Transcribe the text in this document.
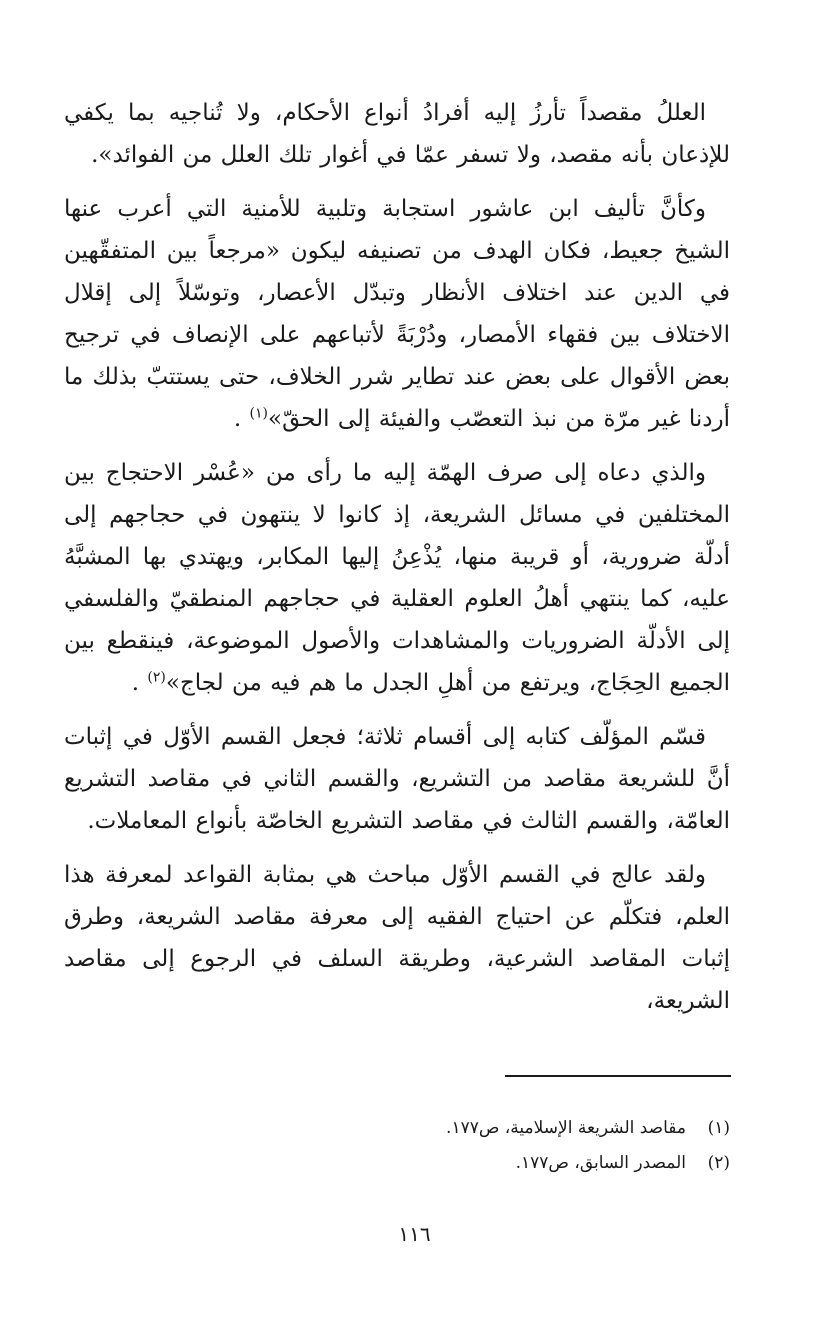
العللُ مقصداً تأرزُ إليه أفرادُ أنواع الأحكام، ولا تُناجيه بما يكفي للإذعان بأنه مقصد، ولا تسفر عمّا في أغوار تلك العلل من الفوائد».

وكأنَّ تأليف ابن عاشور استجابة وتلبية للأمنية التي أعرب عنها الشيخ جعيط، فكان الهدف من تصنيفه ليكون «مرجعاً بين المتفقّهين في الدين عند اختلاف الأنظار وتبدّل الأعصار، وتوسّلاً إلى إقلال الاختلاف بين فقهاء الأمصار، ودُرْبَةً لأتباعهم على الإنصاف في ترجيح بعض الأقوال على بعض عند تطاير شرر الخلاف، حتى يستتبّ بذلك ما أردنا غير مرّة من نبذ التعصّب والفيئة إلى الحقّ»$^{(١)}$ .

والذي دعاه إلى صرف الهمّة إليه ما رأى من «عُسْر الاحتجاج بين المختلفين في مسائل الشريعة، إذ كانوا لا ينتهون في حجاجهم إلى أدلّة ضرورية، أو قريبة منها، يُذْعِنُ إليها المكابر، ويهتدي بها المشبَّهُ عليه، كما ينتهي أهلُ العلوم العقلية في حجاجهم المنطقيّ والفلسفي إلى الأدلّة الضروريات والمشاهدات والأصول الموضوعة، فينقطع بين الجميع الحِجَاج، ويرتفع من أهلِ الجدل ما هم فيه من لجاج»$^{(٢)}$ .

قسّم المؤلّف كتابه إلى أقسام ثلاثة؛ فجعل القسم الأوّل في إثبات أنَّ للشريعة مقاصد من التشريع، والقسم الثاني في مقاصد التشريع العامّة، والقسم الثالث في مقاصد التشريع الخاصّة بأنواع المعاملات.

ولقد عالج في القسم الأوّل مباحث هي بمثابة القواعد لمعرفة هذا العلم، فتكلّم عن احتياج الفقيه إلى معرفة مقاصد الشريعة، وطرق إثبات المقاصد الشرعية، وطريقة السلف في الرجوع إلى مقاصد الشريعة،

(١)
مقاصد الشريعة الإسلامية، ص١٧٧.

(٢)
المصدر السابق، ص١٧٧.

١١٦
